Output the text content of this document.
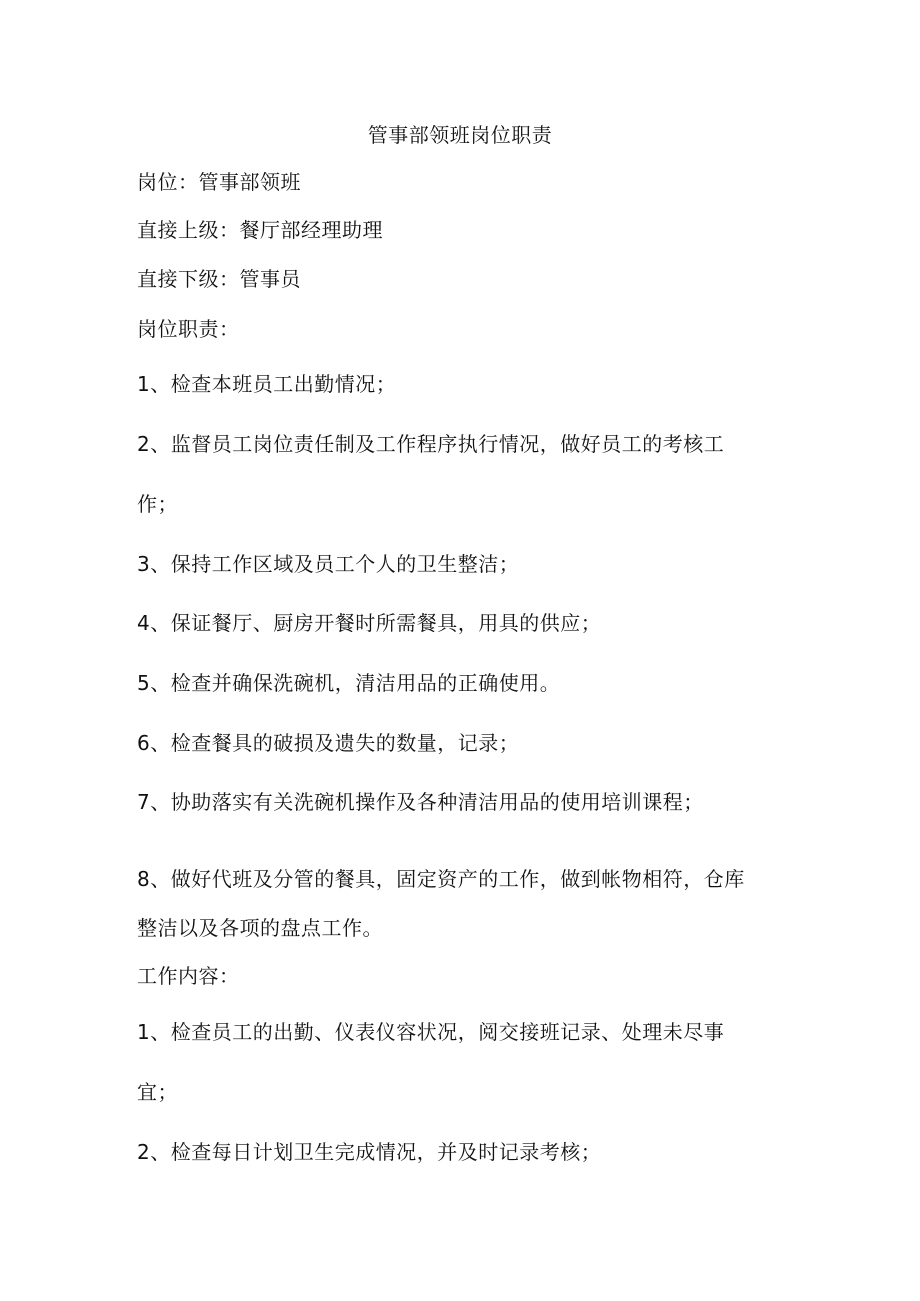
管事部领班岗位职责
岗位：管事部领班
直接上级：餐厅部经理助理
直接下级：管事员
岗位职责：
1、检查本班员工出勤情况；
2、监督员工岗位责任制及工作程序执行情况，做好员工的考核工
作；
3、保持工作区域及员工个人的卫生整洁；
4、保证餐厅、厨房开餐时所需餐具，用具的供应；
5、检查并确保洗碗机，清洁用品的正确使用。
6、检查餐具的破损及遗失的数量，记录；
7、协助落实有关洗碗机操作及各种清洁用品的使用培训课程；
8、做好代班及分管的餐具，固定资产的工作，做到帐物相符，仓库
整洁以及各项的盘点工作。
工作内容：
1、检查员工的出勤、仪表仪容状况，阅交接班记录、处理未尽事
宜；
2、检查每日计划卫生完成情况，并及时记录考核；
